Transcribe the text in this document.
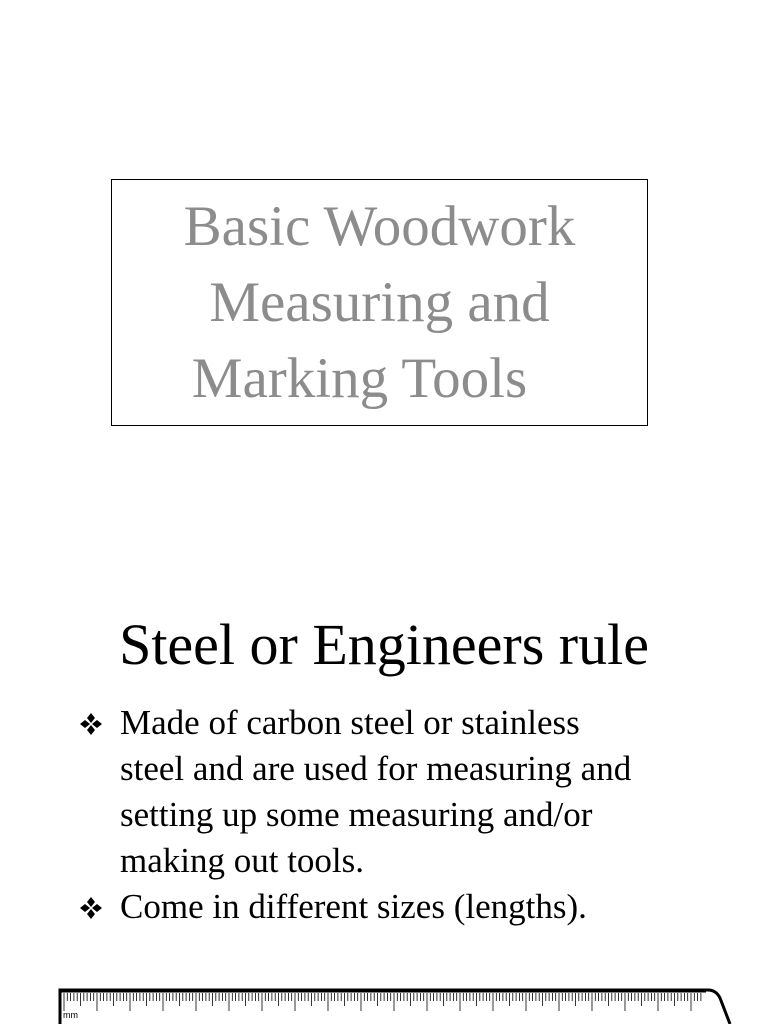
Basic Woodwork
Measuring and
Marking Tools
Steel or Engineers rule
Made of carbon steel or stainless
steel and are used for measuring and
setting up some measuring and/or
making out tools.
Come in different sizes (lengths).
mm
